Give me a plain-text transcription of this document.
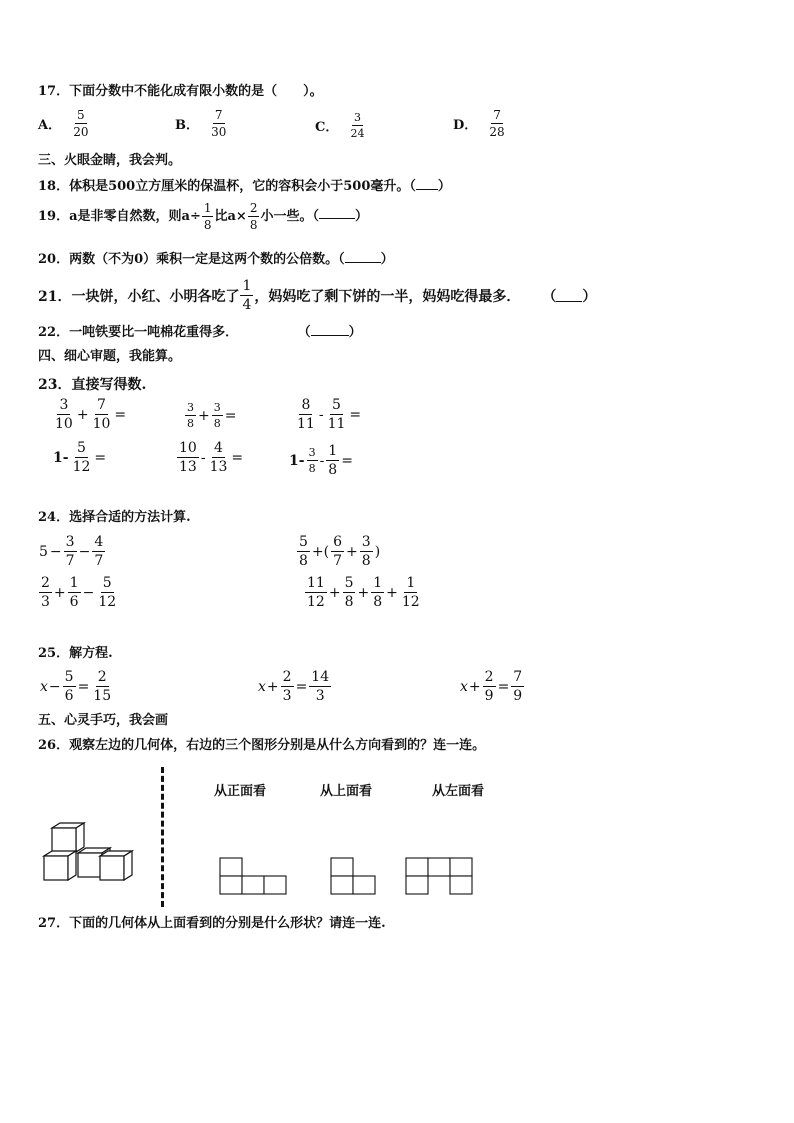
17．下面分数中不能化成有限小数的是（　　）。
A． $\frac{5}{20}$	B． $\frac{7}{30}$	C． $\frac{3}{24}$	D． $\frac{7}{28}$
三、火眼金睛，我会判。
18．体积是500立方厘米的保温杯，它的容积会小于500毫升。（ ）
19．a是非零自然数，则$a\div \frac{1}{8}$ 比$a\times \frac{2}{8}$ 小一些。（	）
20．两数（不为0）乘积一定是这两个数的公倍数。（	）
21．一块饼，小红、小明各吃了 $\frac{1}{4}$ ，妈妈吃了剩下饼的一半，妈妈吃得最多． （ ）
22．一吨铁要比一吨棉花重得多．	（	）
四、细心审题，我能算。
23．直接写得数.
$\frac{3}{10} + \frac{7}{10}$ =	$\frac{3}{8} + \frac{3}{8}$ =	$\frac{8}{11} - \frac{5}{11}$ =
$1- \frac{5}{12}$ =	$\frac{10}{13} - \frac{4}{13}$ =	$1- \frac{3}{8} - \frac{1}{8}$ =
24．选择合适的方法计算.
$5 - \frac{3}{7} - \frac{4}{7}$	$\frac{5}{8}$ +( $\frac{6}{7} + \frac{3}{8}$ )
$\frac{2}{3} + \frac{1}{6} - \frac{5}{12}$	$\frac{11}{12} + \frac{5}{8} + \frac{1}{8} + \frac{1}{12}$
25．解方程.
$x - \frac{5}{6} = \frac{2}{15}$	$x + \frac{2}{3} = \frac{14}{3}$	$x + \frac{2}{9} = \frac{7}{9}$
五、心灵手巧，我会画
26．观察左边的几何体，右边的三个图形分别是从什么方向看到的？连一连。
从正面看	从上面看	从左面看
27．下面的几何体从上面看到的分别是什么形状？请连一连.
